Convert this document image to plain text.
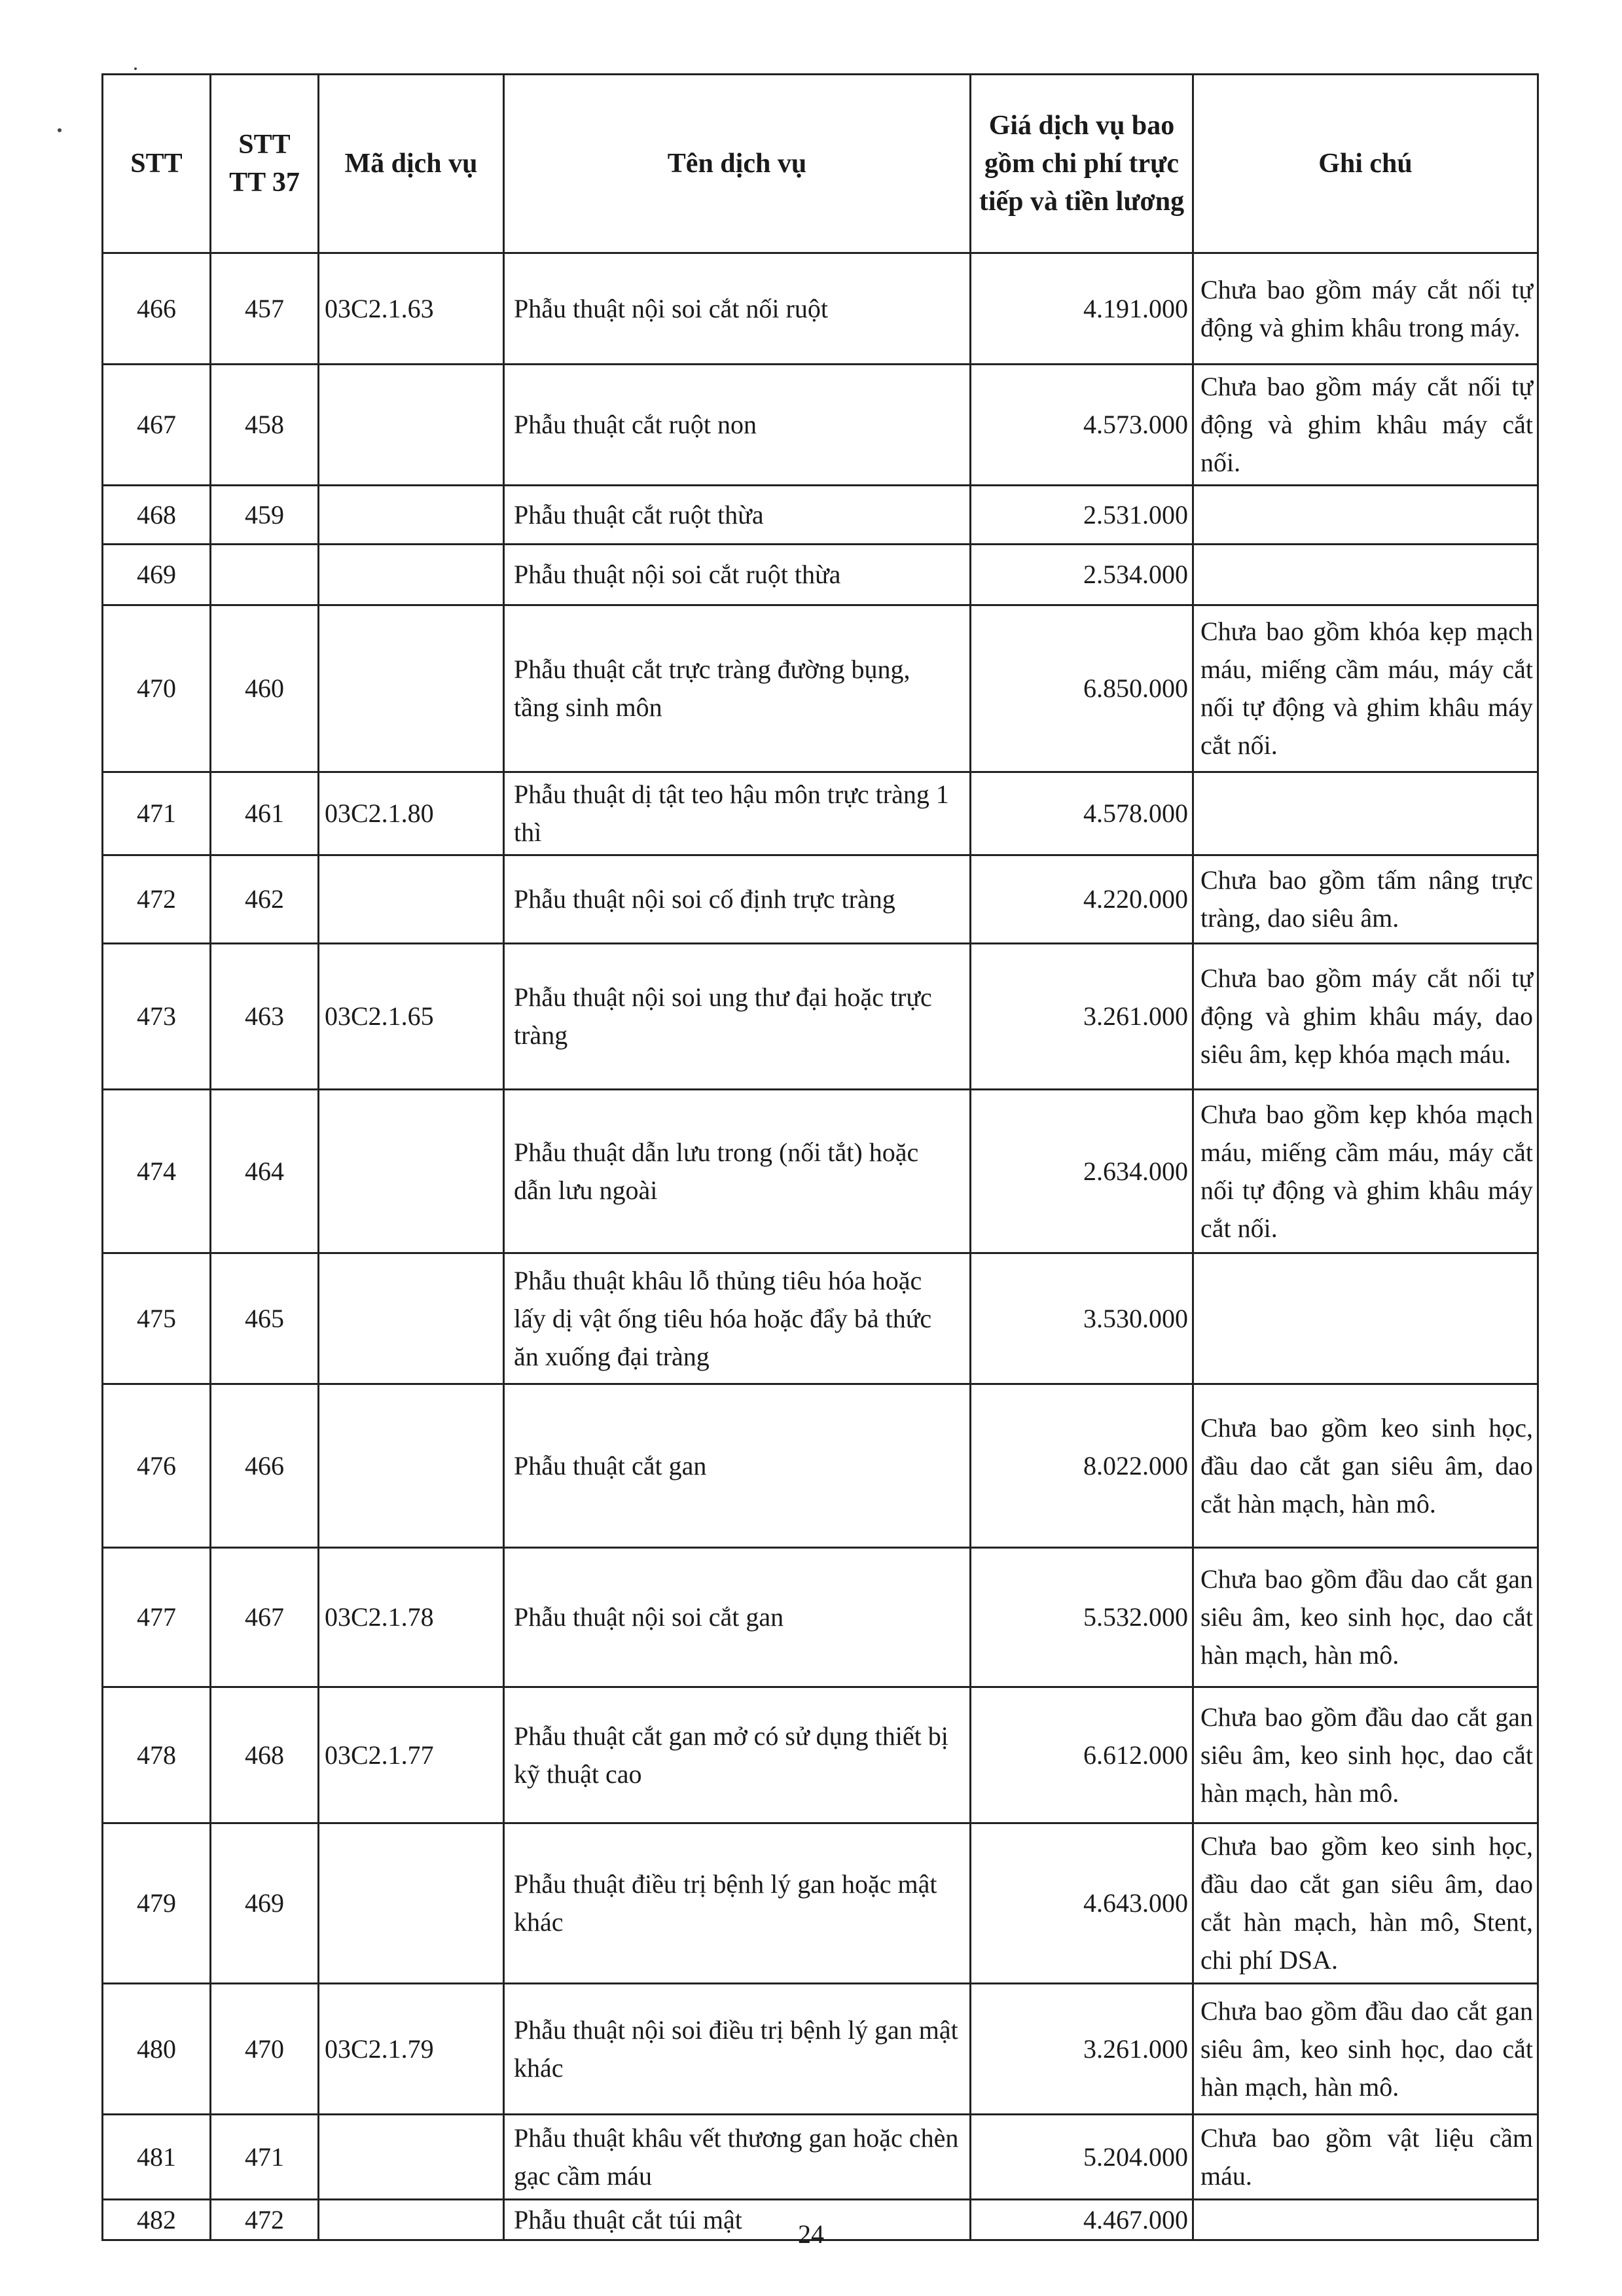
STT	STT TT 37	Mã dịch vụ	Tên dịch vụ	Giá dịch vụ bao gồm chi phí trực tiếp và tiền lương	Ghi chú
466	457	03C2.1.63	Phẫu thuật nội soi cắt nối ruột	4.191.000	Chưa bao gồm máy cắt nối tự động và ghim khâu trong máy.
467	458		Phẫu thuật cắt ruột non	4.573.000	Chưa bao gồm máy cắt nối tự động và ghim khâu máy cắt nối.
468	459		Phẫu thuật cắt ruột thừa	2.531.000	
469			Phẫu thuật nội soi cắt ruột thừa	2.534.000	
470	460		Phẫu thuật cắt trực tràng đường bụng, tầng sinh môn	6.850.000	Chưa bao gồm khóa kẹp mạch máu, miếng cầm máu, máy cắt nối tự động và ghim khâu máy cắt nối.
471	461	03C2.1.80	Phẫu thuật dị tật teo hậu môn trực tràng 1 thì	4.578.000	
472	462		Phẫu thuật nội soi cố định trực tràng	4.220.000	Chưa bao gồm tấm nâng trực tràng, dao siêu âm.
473	463	03C2.1.65	Phẫu thuật nội soi ung thư đại hoặc trực tràng	3.261.000	Chưa bao gồm máy cắt nối tự động và ghim khâu máy, dao siêu âm, kẹp khóa mạch máu.
474	464		Phẫu thuật dẫn lưu trong (nối tắt) hoặc dẫn lưu ngoài	2.634.000	Chưa bao gồm kẹp khóa mạch máu, miếng cầm máu, máy cắt nối tự động và ghim khâu máy cắt nối.
475	465		Phẫu thuật khâu lỗ thủng tiêu hóa hoặc lấy dị vật ống tiêu hóa hoặc đẩy bả thức ăn xuống đại tràng	3.530.000	
476	466		Phẫu thuật cắt gan	8.022.000	Chưa bao gồm keo sinh học, đầu dao cắt gan siêu âm, dao cắt hàn mạch, hàn mô.
477	467	03C2.1.78	Phẫu thuật nội soi cắt gan	5.532.000	Chưa bao gồm đầu dao cắt gan siêu âm, keo sinh học, dao cắt hàn mạch, hàn mô.
478	468	03C2.1.77	Phẫu thuật cắt gan mở có sử dụng thiết bị kỹ thuật cao	6.612.000	Chưa bao gồm đầu dao cắt gan siêu âm, keo sinh học, dao cắt hàn mạch, hàn mô.
479	469		Phẫu thuật điều trị bệnh lý gan hoặc mật khác	4.643.000	Chưa bao gồm keo sinh học, đầu dao cắt gan siêu âm, dao cắt hàn mạch, hàn mô, Stent, chi phí DSA.
480	470	03C2.1.79	Phẫu thuật nội soi điều trị bệnh lý gan mật khác	3.261.000	Chưa bao gồm đầu dao cắt gan siêu âm, keo sinh học, dao cắt hàn mạch, hàn mô.
481	471		Phẫu thuật khâu vết thương gan hoặc chèn gạc cầm máu	5.204.000	Chưa bao gồm vật liệu cầm máu.
482	472		Phẫu thuật cắt túi mật	4.467.000	
24
